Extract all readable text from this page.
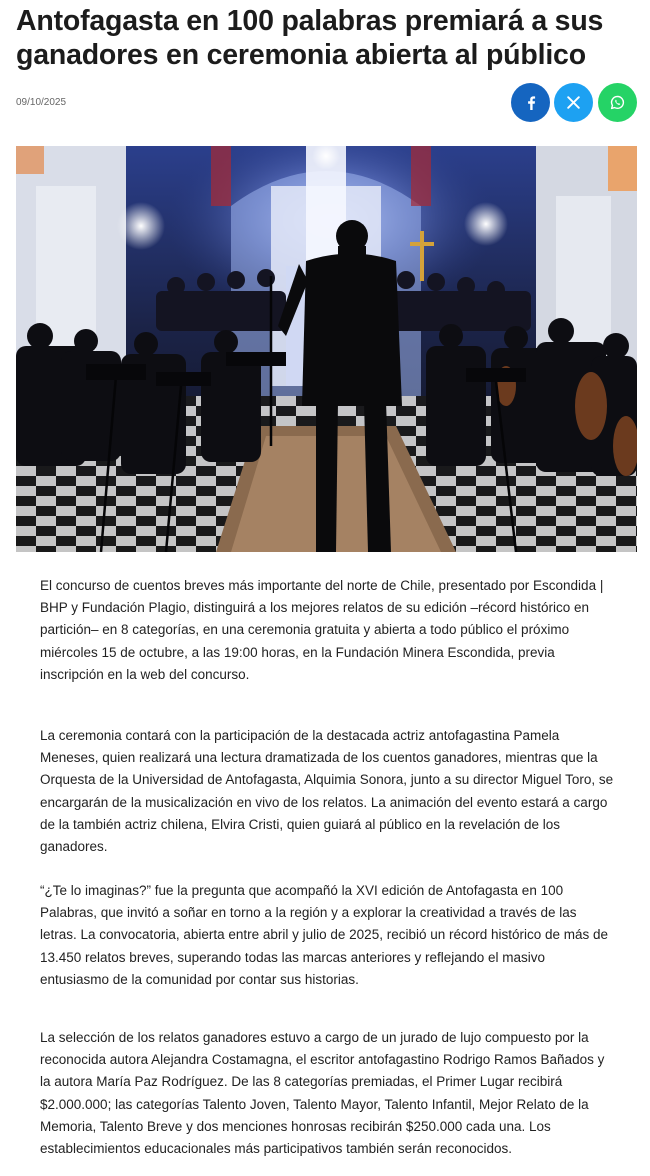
Antofagasta en 100 palabras premiará a sus ganadores en ceremonia abierta al público
09/10/2025

El concurso de cuentos breves más importante del norte de Chile, presentado por Escondida | BHP y Fundación Plagio, distinguirá a los mejores relatos de su edición –récord histórico en partición– en 8 categorías, en una ceremonia gratuita y abierta a todo público el próximo miércoles 15 de octubre, a las 19:00 horas, en la Fundación Minera Escondida, previa inscripción en la web del concurso.

La ceremonia contará con la participación de la destacada actriz antofagastina Pamela Meneses, quien realizará una lectura dramatizada de los cuentos ganadores, mientras que la Orquesta de la Universidad de Antofagasta, Alquimia Sonora, junto a su director Miguel Toro, se encargarán de la musicalización en vivo de los relatos. La animación del evento estará a cargo de la también actriz chilena, Elvira Cristi, quien guiará al público en la revelación de los ganadores.

“¿Te lo imaginas?” fue la pregunta que acompañó la XVI edición de Antofagasta en 100 Palabras, que invitó a soñar en torno a la región y a explorar la creatividad a través de las letras. La convocatoria, abierta entre abril y julio de 2025, recibió un récord histórico de más de 13.450 relatos breves, superando todas las marcas anteriores y reflejando el masivo entusiasmo de la comunidad por contar sus historias.

La selección de los relatos ganadores estuvo a cargo de un jurado de lujo compuesto por la reconocida autora Alejandra Costamagna, el escritor antofagastino Rodrigo Ramos Bañados y la autora María Paz Rodríguez. De las 8 categorías premiadas, el Primer Lugar recibirá $2.000.000; las categorías Talento Joven, Talento Mayor, Talento Infantil, Mejor Relato de la Memoria, Talento Breve y dos menciones honrosas recibirán $250.000 cada una. Los establecimientos educacionales más participativos también serán reconocidos.
